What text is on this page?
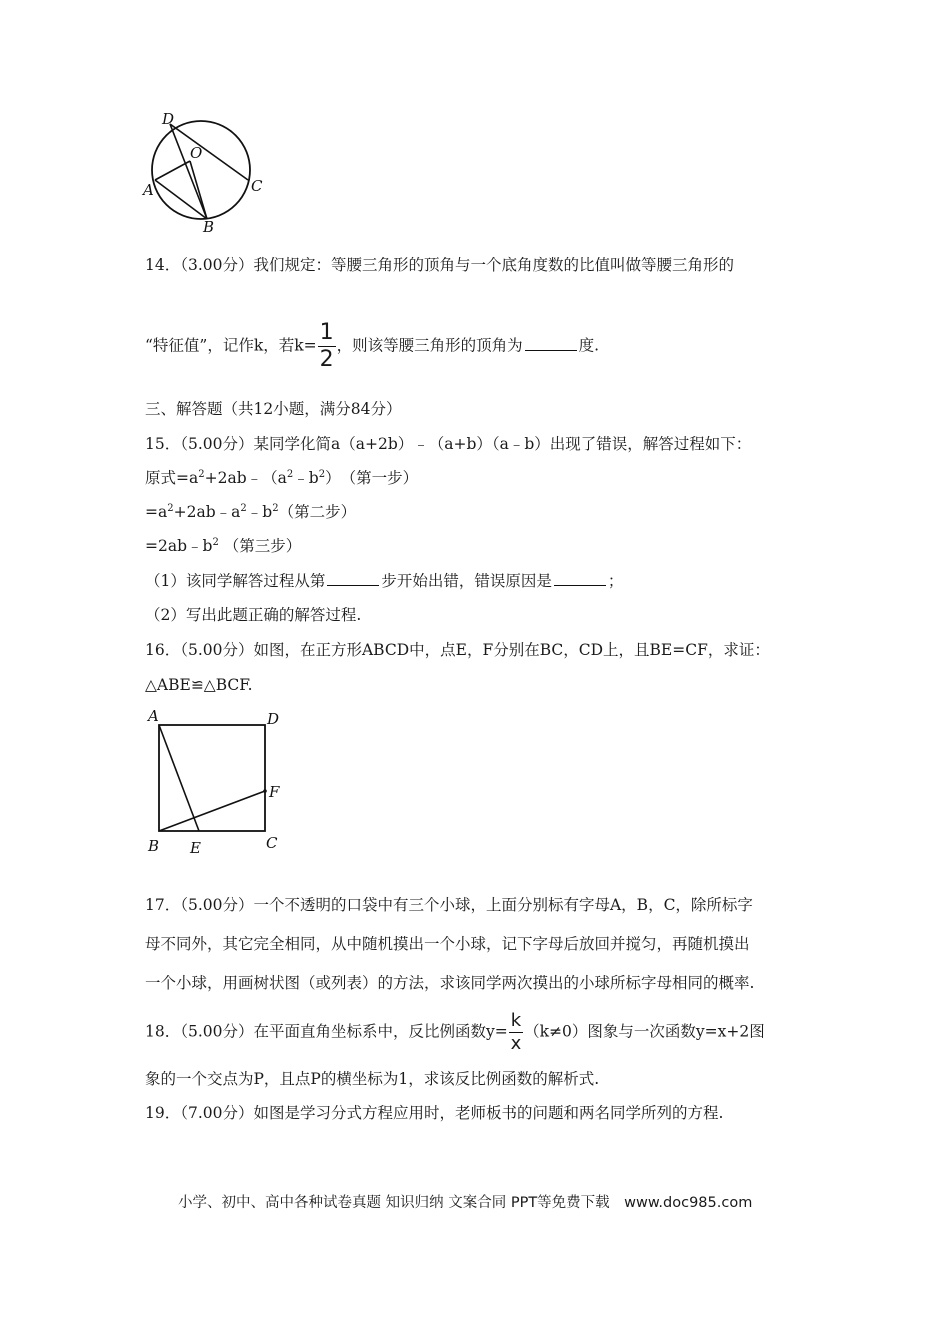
D
O
A	C
B
14．（3.00分）我们规定：等腰三角形的顶角与一个底角度数的比值叫做等腰三角形的
“特征值”，记作k，若$k= \frac{1}{2}$ ，则该等腰三角形的顶角为	度.
三、解答题（共12小题，满分84分）
15．（5.00分）某同学化简a（a+2b）﹣（a+b）（a﹣b）出现了错误，解答过程如下：
原式$=a^2+2ab﹣(a^2﹣b^2)$　（第一步）
$=a^2+2ab﹣a^2﹣b^2$（第二步）
$=2ab﹣b^2$ （第三步）
（1）该同学解答过程从第	步开始出错，错误原因是	；
（2）写出此题正确的解答过程.
16．（5.00分）如图，在正方形ABCD中，点E，F分别在BC，CD上，且BE=CF，求证：
△ABE≌△BCF.
A	D
F
B E	C
17．（5.00分）一个不透明的口袋中有三个小球，上面分别标有字母A，B，C，除所标字
母不同外，其它完全相同，从中随机摸出一个小球，记下字母后放回并搅匀，再随机摸出
一个小球，用画树状图（或列表）的方法，求该同学两次摸出的小球所标字母相同的概率.
18．（5.00分）在平面直角坐标系中，反比例函数$y= \frac{k}{x} (k\ne 0)$图象与一次函数y=x+2图
象的一个交点为P，且点P的横坐标为1，求该反比例函数的解析式.
19．（7.00分）如图是学习分式方程应用时，老师板书的问题和两名同学所列的方程.
小学、初中、高中各种试卷真题 知识归纳 文案合同 PPT等免费下载　www.doc985.com
